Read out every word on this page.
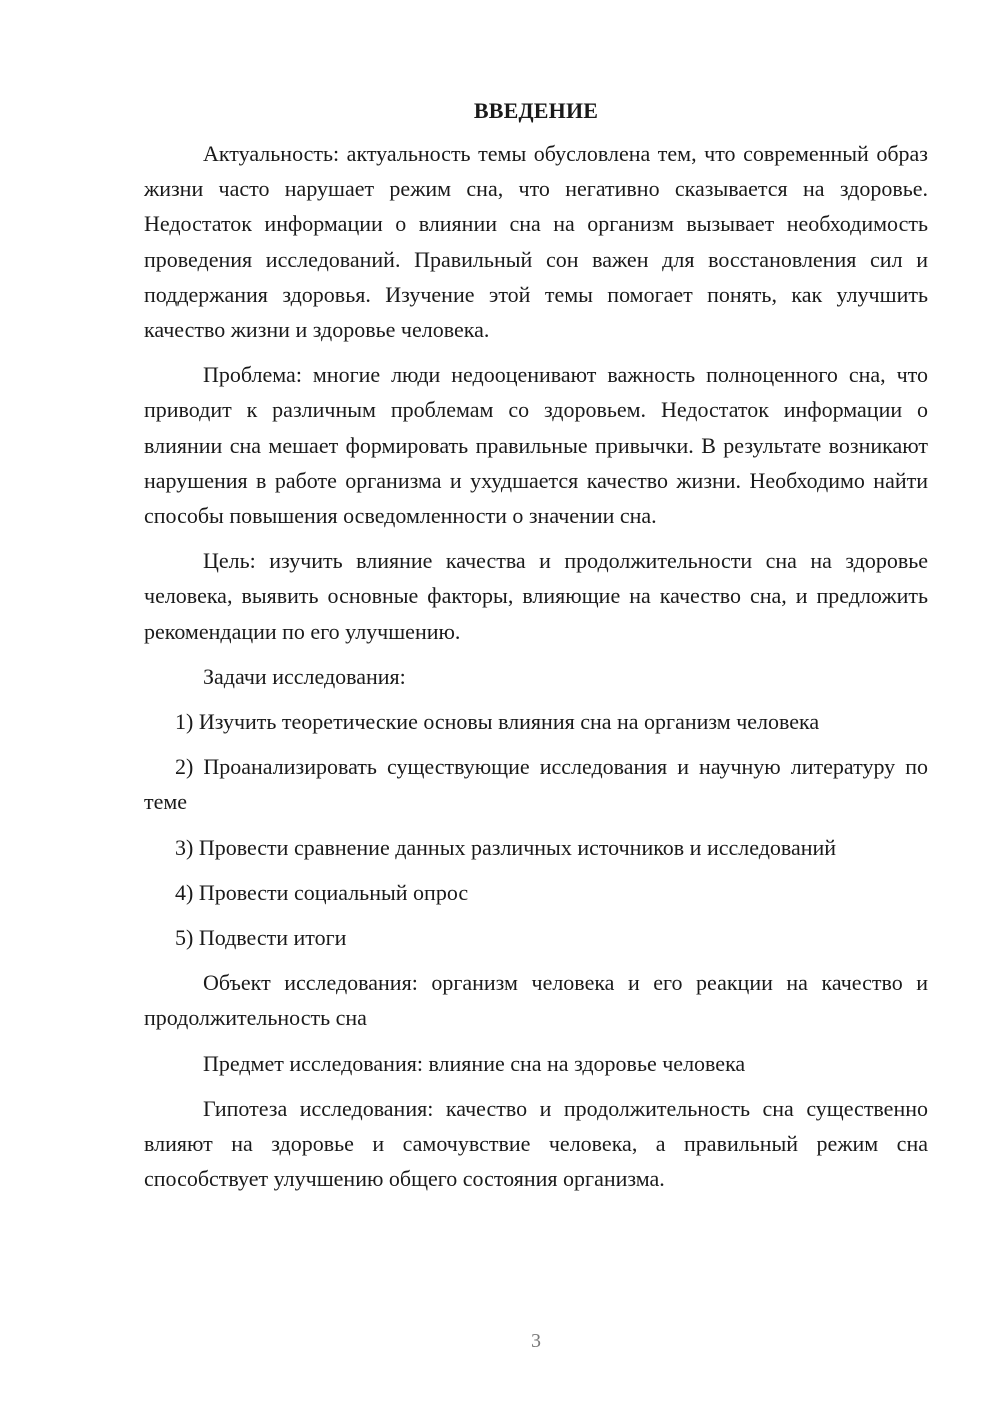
ВВЕДЕНИЕ

Актуальность: актуальность темы обусловлена тем, что современный образ жизни часто нарушает режим сна, что негативно сказывается на здоровье. Недостаток информации о влиянии сна на организм вызывает необходимость проведения исследований. Правильный сон важен для восстановления сил и поддержания здоровья. Изучение этой темы помогает понять, как улучшить качество жизни и здоровье человека.

Проблема: многие люди недооценивают важность полноценного сна, что приводит к различным проблемам со здоровьем. Недостаток информации о влиянии сна мешает формировать правильные привычки. В результате возникают нарушения в работе организма и ухудшается качество жизни. Необходимо найти способы повышения осведомленности о значении сна.

Цель: изучить влияние качества и продолжительности сна на здоровье человека, выявить основные факторы, влияющие на качество сна, и предложить рекомендации по его улучшению.

Задачи исследования:

1) Изучить теоретические основы влияния сна на организм человека

2) Проанализировать существующие исследования и научную литературу по теме

3) Провести сравнение данных различных источников и исследований

4) Провести социальный опрос

5) Подвести итоги

Объект исследования: организм человека и его реакции на качество и продолжительность сна

Предмет исследования: влияние сна на здоровье человека

Гипотеза исследования: качество и продолжительность сна существенно влияют на здоровье и самочувствие человека, а правильный режим сна способствует улучшению общего состояния организма.

3
